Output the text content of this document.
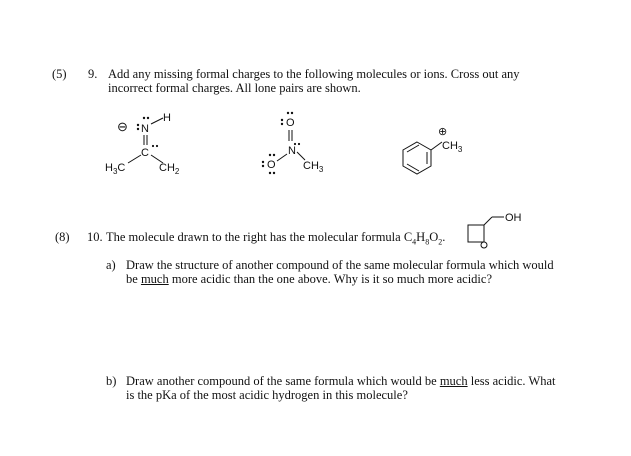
(5) 9. Add any missing formal charges to the following molecules or ions. Cross out any
incorrect formal charges. All lone pairs are shown.
⊖ N
H
C
$H_3C$	$CH_2$
O
N
O $CH_3$
⊕
$CH_3$
(8) 10. The molecule drawn to the right has the molecular formula $C_4H_8O_2$.
OH
a) Draw the structure of another compound of the same molecular formula which would
be much more acidic than the one above. Why is it so much more acidic?
b) Draw another compound of the same formula which would be much less acidic. What
is the pKa of the most acidic hydrogen in this molecule?
